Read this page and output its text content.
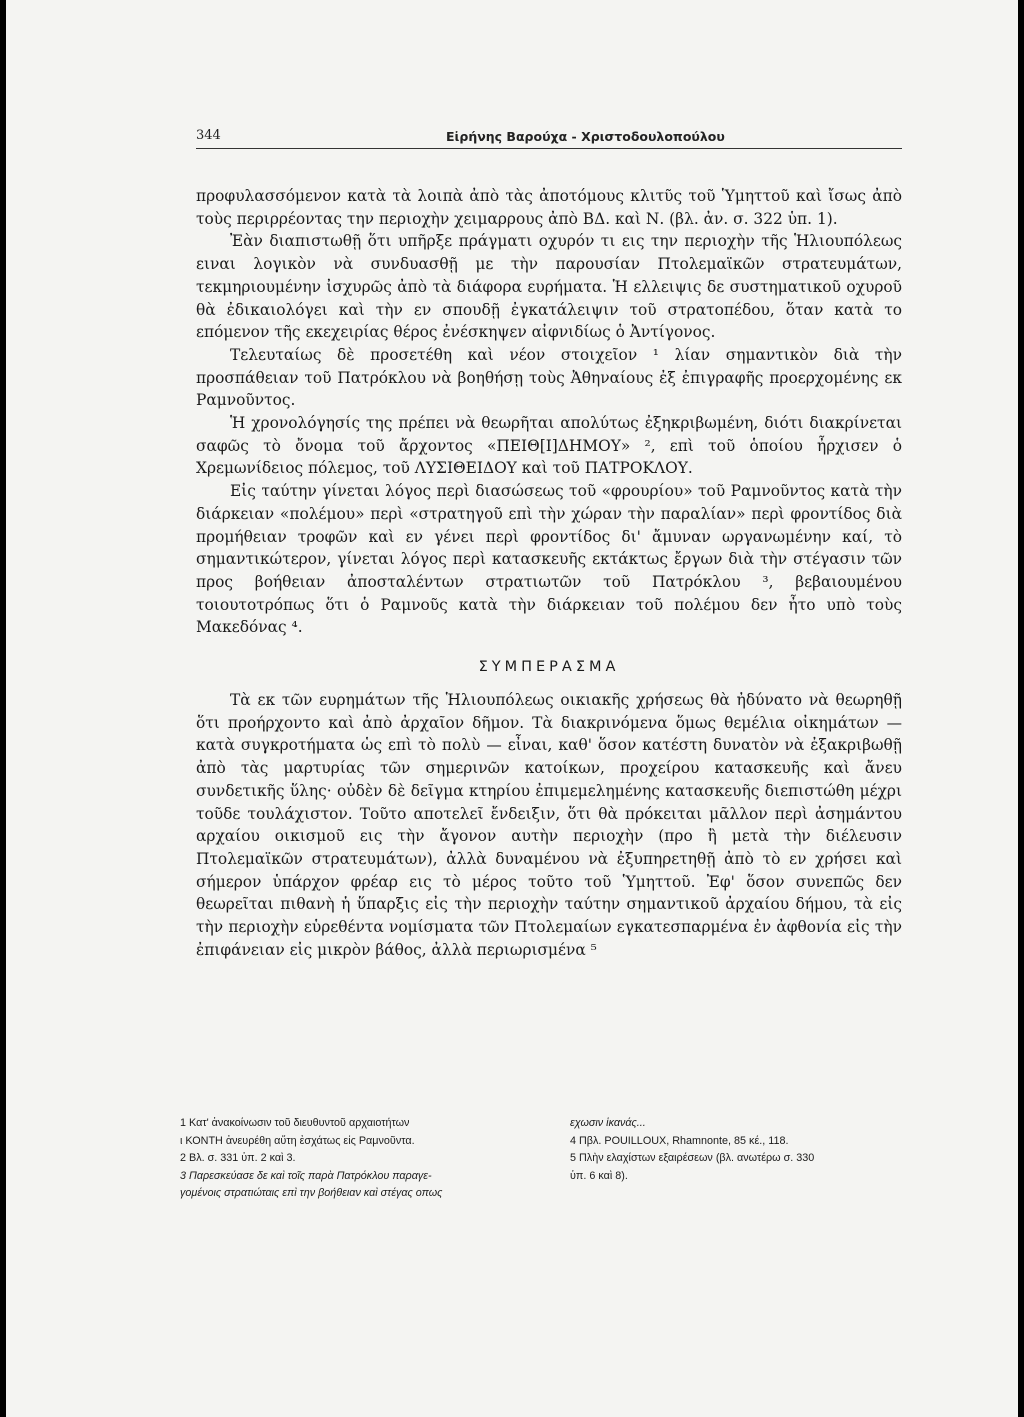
344	Εἰρήνης Βαρούχα - Χριστοδουλοπούλου

προφυλασσόμενον κατὰ τὰ λοιπὰ ἀπὸ τὰς ἀποτόμους κλιτῦς τοῦ Ὑμηττοῦ καὶ ἴσως ἀπὸ τοὺς περιρρέοντας την περιοχὴν χειμαρρους ἀπὸ ΒΔ. καὶ Ν. (βλ. ἀν. σ. 322 ὑπ. 1).

Ἐὰν διαπιστωθῇ ὅτι υπῆρξε πράγματι οχυρόν τι εις την περιοχὴν τῆς Ἡλιουπόλεως ειναι λογικὸν νὰ συνδυασθῇ με τὴν παρουσίαν Πτολεμαϊκῶν στρατευμάτων, τεκμηριουμένην ἰσχυρῶς ἀπὸ τὰ διάφορα ευρήματα. Ἡ ελλειψις δε συστηματικοῦ οχυροῦ θὰ ἐδικαιολόγει καὶ τὴν εν σπουδῇ ἐγκατάλειψιν τοῦ στρατοπέδου, ὅταν κατὰ το επόμενον τῆς εκεχειρίας θέρος ἐνέσκηψεν αἰφνιδίως ὁ Ἀντίγονος.

Τελευταίως δὲ προσετέθη καὶ νέον στοιχεῖον ¹ λίαν σημαντικὸν διὰ τὴν προσπάθειαν τοῦ Πατρόκλου νὰ βοηθήσῃ τοὺς Ἀθηναίους ἐξ ἐπιγραφῆς προερχομένης εκ Ραμνοῦντος.

Ἡ χρονολόγησίς της πρέπει νὰ θεωρῆται απολύτως ἐξηκριβωμένη, διότι διακρίνεται σαφῶς τὸ ὄνομα τοῦ ἄρχοντος «ΠΕΙΘ[Ι]ΔΗΜΟΥ» ², επὶ τοῦ ὁποίου ἦρχισεν ὁ Χρεμωνίδειος πόλεμος, τοῦ ΛΥΣΙΘΕΙΔΟΥ καὶ τοῦ ΠΑΤΡΟΚΛΟΥ.

Εἰς ταύτην γίνεται λόγος περὶ διασώσεως τοῦ «φρουρίου» τοῦ Ραμνοῦντος κατὰ τὴν διάρκειαν «πολέμου» περὶ «στρατηγοῦ επὶ τὴν χώραν τὴν παραλίαν» περὶ φροντίδος διὰ προμήθειαν τροφῶν καὶ εν γένει περὶ φροντίδος δι' ἄμυναν ωργανωμένην καί, τὸ σημαντικώτερον, γίνεται λόγος περὶ κατασκευῆς εκτάκτως ἔργων διὰ τὴν στέγασιν τῶν προς βοήθειαν ἀποσταλέντων στρατιωτῶν τοῦ Πατρόκλου ³, βεβαιουμένου τοιουτοτρόπως ὅτι ὁ Ραμνοῦς κατὰ τὴν διάρκειαν τοῦ πολέμου δεν ἦτο υπὸ τοὺς Μακεδόνας ⁴.

ΣΥΜΠΕΡΑΣΜΑ

Τὰ εκ τῶν ευρημάτων τῆς Ἡλιουπόλεως οικιακῆς χρήσεως θὰ ἠδύνατο νὰ θεωρηθῇ ὅτι προήρχοντο καὶ ἀπὸ ἀρχαῖον δῆμον. Τὰ διακρινόμενα ὅμως θεμέλια οἰκημάτων — κατὰ συγκροτήματα ὡς επὶ τὸ πολὺ — εἶναι, καθ' ὅσον κατέστη δυνατὸν νὰ ἐξακριβωθῇ ἀπὸ τὰς μαρτυρίας τῶν σημερινῶν κατοίκων, προχείρου κατασκευῆς καὶ ἄνευ συνδετικῆς ὕλης· οὐδὲν δὲ δεῖγμα κτηρίου ἐπιμεμελημένης κατασκευῆς διεπιστώθη μέχρι τοῦδε τουλάχιστον. Τοῦτο αποτελεῖ ἔνδειξιν, ὅτι θὰ πρόκειται μᾶλλον περὶ ἀσημάντου αρχαίου οικισμοῦ εις τὴν ἄγονον αυτὴν περιοχὴν (προ ἢ μετὰ τὴν διέλευσιν Πτολεμαϊκῶν στρατευμάτων), ἀλλὰ δυναμένου νὰ ἐξυπηρετηθῇ ἀπὸ τὸ εν χρήσει καὶ σήμερον ὑπάρχον φρέαρ εις τὸ μέρος τοῦτο τοῦ Ὑμηττοῦ. Ἐφ' ὅσον συνεπῶς δεν θεωρεῖται πιθανὴ ἡ ὕπαρξις εἰς τὴν περιοχὴν ταύτην σημαντικοῦ ἀρχαίου δήμου, τὰ εἰς τὴν περιοχὴν εὑρεθέντα νομίσματα τῶν Πτολεμαίων εγκατεσπαρμένα ἐν ἀφθονία εἰς τὴν ἐπιφάνειαν εἰς μικρὸν βάθος, ἀλλὰ περιωρισμένα ⁵

1 Κατ' ἀνακοίνωσιν τοῦ διευθυντοῦ αρχαιοτήτων

ι ΚΟΝΤΗ ἀνευρέθη αὕτη ἐσχάτως εἰς Ραμνοῦντα.

2 Βλ. σ. 331 ὑπ. 2 καὶ 3.

3 Παρεσκεύασε δε καὶ τοῖς παρὰ Πατρόκλου παραγε-

γομένοις στρατιώταις επὶ την βοήθειαν καὶ στέγας οπως

εχωσιν ἱκανάς...

4 Πβλ. POUILLOUX, Rhamnonte, 85 κέ., 118.

5 Πλὴν ελαχίστων εξαιρέσεων (βλ. ανωτέρω σ. 330

ὑπ. 6 καὶ 8).
